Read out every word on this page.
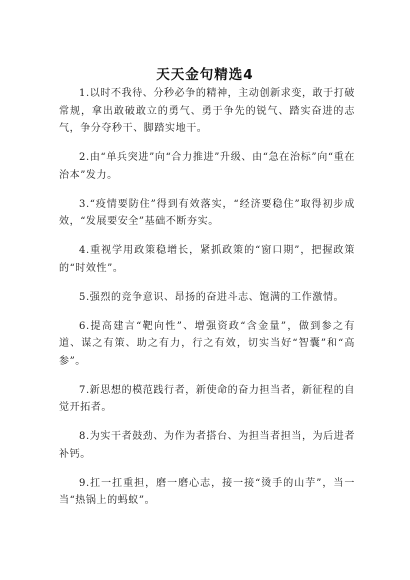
天天金句精选4

1.以时不我待、分秒必争的精神，主动创新求变，敢于打破常规，拿出敢破敢立的勇气、勇于争先的锐气、踏实奋进的志气，争分夺秒干、脚踏实地干。

2.由“单兵突进”向“合力推进”升级、由“急在治标”向“重在治本”发力。

3.“疫情要防住”得到有效落实，“经济要稳住”取得初步成效，“发展要安全”基础不断夯实。

4.重视学用政策稳增长，紧抓政策的“窗口期”，把握政策的“时效性”。

5.强烈的竞争意识、昂扬的奋进斗志、饱满的工作激情。

6.提高建言“靶向性”、增强资政“含金量”，做到参之有道、谋之有策、助之有力，行之有效，切实当好“智囊”和“高参”。

7.新思想的模范践行者，新使命的奋力担当者，新征程的自觉开拓者。

8.为实干者鼓劲、为作为者搭台、为担当者担当，为后进者补钙。

9.扛一扛重担，磨一磨心志，接一接“烫手的山芋”，当一当“热锅上的蚂蚁”。
